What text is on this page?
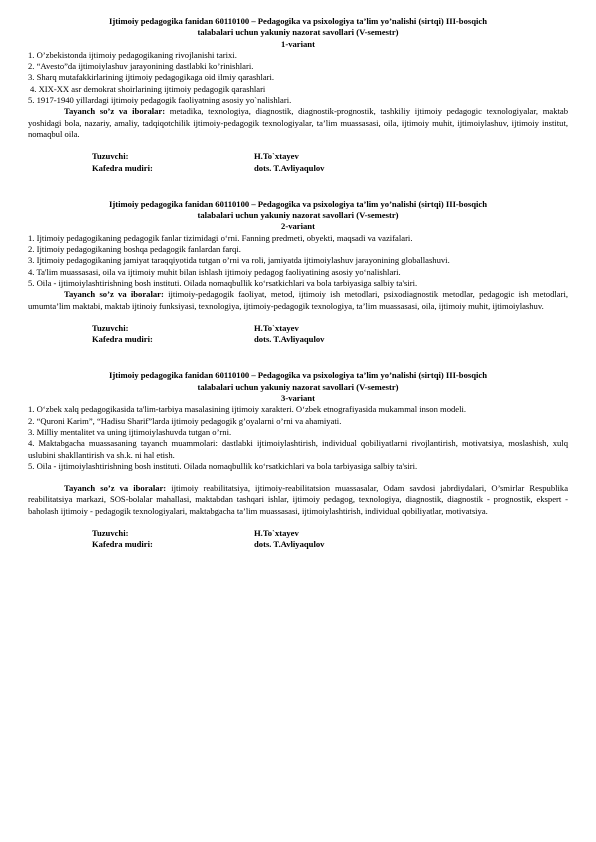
Ijtimoiy pedagogika fanidan 60110100 – Pedagogika va psixologiya ta’lim yo’nalishi (sirtqi) III-bosqich
talabalari uchun yakuniy nazorat savollari (V-semestr)
1-variant
1. O’zbekistonda ijtimoiy pedagogikaning rivojlanishi tarixi.
2. “Avesto”da ijtimoiylashuv jarayonining dastlabki ko’rinishlari.
3. Sharq mutafakkirlarining ijtimoiy pedagogikaga oid ilmiy qarashlari.
4. XIX-XX asr demokrat shoirlarining ijtimoiy pedagogik qarashlari
5. 1917-1940 yillardagi ijtimoiy pedagogik faoliyatning asosiy yo`nalishlari.
Tayanch so’z va iboralar: metadika, texnologiya, diagnostik, diagnostik-prognostik, tashkiliy ijtimoiy pedagogic texnologiyalar, maktab yoshidagi bola, nazariy, amaliy, tadqiqotchilik ijtimoiy-pedagogik texnologiyalar, ta’lim muassasasi, oila, ijtimoiy muhit, ijtimoiylashuv, ijtimoiy institut, nomaqbul oila.
Tuzuvchi:	H.To`xtayev
Kafedra mudiri:	dots. T.Avliyaqulov
Ijtimoiy pedagogika fanidan 60110100 – Pedagogika va psixologiya ta’lim yo’nalishi (sirtqi) III-bosqich
talabalari uchun yakuniy nazorat savollari (V-semestr)
2-variant
1. Ijtimoiy pedagogikaning pedagogik fanlar tizimidagi o‘rni. Fanning predmeti, obyekti, maqsadi va vazifalari.
2. Ijtimoiy pedagogikaning boshqa pedagogik fanlardan farqi.
3. Ijtimoiy pedagogikaning jamiyat taraqqiyotida tutgan o’rni va roli, jamiyatda ijtimoiylashuv jarayonining globallashuvi.
4. Ta'lim muassasasi, oila va ijtimoiy muhit bilan ishlash ijtimoiy pedagog faoliyatining asosiy yo‘nalishlari.
5. Oila - ijtimoiylashtirishning bosh instituti. Oilada nomaqbullik ko‘rsatkichlari va bola tarbiyasiga salbiy ta'siri.
Tayanch so’z va iboralar: ijtimoiy-pedagogik faoliyat, metod, ijtimoiy ish metodlari, psixodiagnostik metodlar, pedagogic ish metodlari, umumta’lim maktabi, maktab ijtinoiy funksiyasi, texnologiya, ijtimoiy-pedagogik texnologiya, ta’lim muassasasi, oila, ijtimoiy muhit, ijtimoiylashuv.
Tuzuvchi:	H.To`xtayev
Kafedra mudiri:	dots. T.Avliyaqulov
Ijtimoiy pedagogika fanidan 60110100 – Pedagogika va psixologiya ta’lim yo’nalishi (sirtqi) III-bosqich
talabalari uchun yakuniy nazorat savollari (V-semestr)
3-variant
1. O‘zbek xalq pedagogikasida ta'lim-tarbiya masalasining ijtimoiy xarakteri. O‘zbek etnografiyasida mukammal inson modeli.
2. “Quroni Karim”, “Hadisu Sharif”larda ijtimoiy pedagogik g’oyalarni o’rni va ahamiyati.
3. Milliy mentalitet va uning ijtimoiylashuvda tutgan o’rni.
4. Maktabgacha muassasaning tayanch muammolari: dastlabki ijtimoiylashtirish, individual qobiliyatlarni rivojlantirish, motivatsiya, moslashish, xulq uslubini shakllantirish va sh.k. ni hal etish.
5. Oila - ijtimoiylashtirishning bosh instituti. Oilada nomaqbullik ko‘rsatkichlari va bola tarbiyasiga salbiy ta'siri.
Tayanch so’z va iboralar: ijtimoiy reabilitatsiya, ijtimoiy-reabilitatsion muassasalar, Odam savdosi jabrdiydalari, O’smirlar Respublika reabilitatsiya markazi, SOS-bolalar mahallasi, maktabdan tashqari ishlar, ijtimoiy pedagog, texnologiya, diagnostik, diagnostik - prognostik, ekspert - baholash ijtimoiy - pedagogik texnologiyalari, maktabgacha ta’lim muassasasi, ijtimoiylashtirish, individual qobiliyatlar, motivatsiya.
Tuzuvchi:	H.To`xtayev
Kafedra mudiri:	dots. T.Avliyaqulov
